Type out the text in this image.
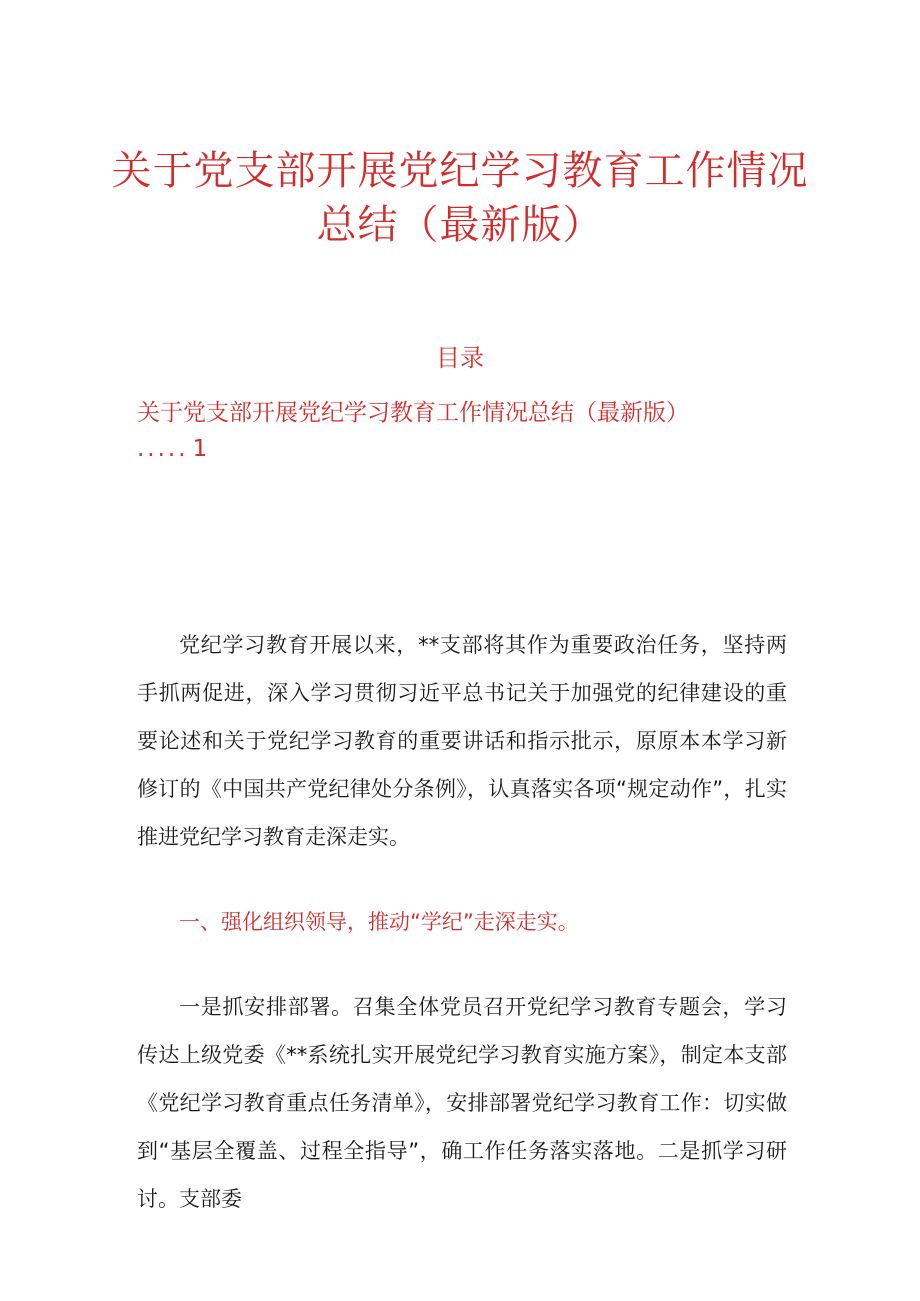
关于党支部开展党纪学习教育工作情况
总结（最新版）
目录
关于党支部开展党纪学习教育工作情况总结（最新版）
..... 1
党纪学习教育开展以来，**支部将其作为重要政治任务，坚持两手抓两促进，深入学习贯彻习近平总书记关于加强党的纪律建设的重要论述和关于党纪学习教育的重要讲话和指示批示，原原本本学习新修订的《中国共产党纪律处分条例》，认真落实各项“规定动作”，扎实推进党纪学习教育走深走实。
一、强化组织领导，推动“学纪”走深走实。
一是抓安排部署。召集全体党员召开党纪学习教育专题会，学习传达上级党委《**系统扎实开展党纪学习教育实施方案》，制定本支部《党纪学习教育重点任务清单》，安排部署党纪学习教育工作：切实做到“基层全覆盖、过程全指导”，确工作任务落实落地。二是抓学习研讨。支部委
